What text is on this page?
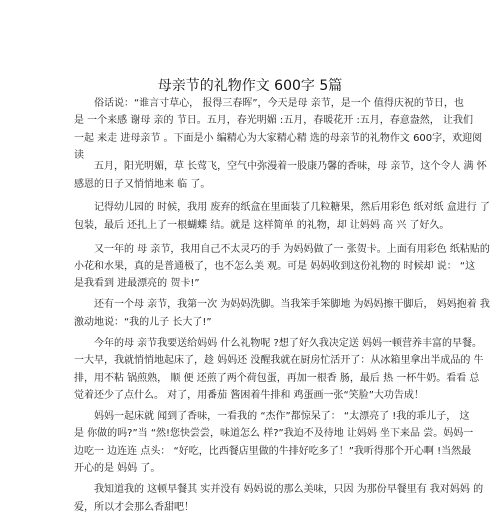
母亲节的礼物作文 600字 5篇
俗话说：“谁言寸草心， 报得三春晖”，今天是母 亲节，是一个 值得庆祝的节日，也
是 一个来感 谢母 亲的 节日。五月，春光明媚 :五月，春暖花开 :五月，春意盎然， 让我们
一起 来走 进母亲节 。下面是小 编精心为大家精心精 选的母亲节的礼物作文 600字，欢迎阅
读
五月，阳光明媚，草 长莺飞，空气中弥漫着一股康乃馨的香味，母 亲节，这个令人 满 怀
感恩的日子又悄悄地来 临 了。
记得幼儿园的 时候，我用 废弃的纸盒在里面装了几粒糖果，然后用彩色 纸对纸 盒进行 了
包装，最后 还扎上了一根蝴蝶 结。就是 这样简单 的礼物，却 让妈妈 高 兴 了好久。
又一年的 母 亲节，我用自己不太灵巧的手 为妈妈做了一 张贺卡。上面有用彩色 纸粘贴的
小花和水果，真的是普通极了，也不怎么美 观。可是 妈妈收到这份礼物的 时候却 说： “这
是我看到 进最漂亮的 贺卡!”
还有一个母 亲节，我第一次 为妈妈洗脚。当我笨手笨脚地 为妈妈擦干脚后， 妈妈抱着 我
激动地说：“我的儿子 长大了!”
今年的母 亲节我要送给妈妈 什么礼物呢 ?想了好久我决定送 妈妈一顿营养丰富的早餐。
一大早，我就悄悄地起床了，趁 妈妈还 没醒我就在厨房忙活开了：从冰箱里拿出半成品的 牛
排，用不粘 锅煎熟， 顺 便 还煎了两个荷包蛋，再加一根香 肠，最后 热 一杯牛奶。看看 总
觉着还少了点什么。 对了，用番茄 酱困着牛排和 鸡蛋画一张“笑脸”大功告成！
妈妈一起床就 闻到了香味，一看我的 “杰作”都惊呆了： “太漂亮了 !我的乖儿子， 这
是 你做的吗?”当 “然!您快尝尝，味道怎么 样?”我迫不及待地 让妈妈 坐下来品 尝。妈妈一
边吃一 边连连 点头： “好吃，比西餐店里做的牛排好吃多了！”我听得那个开心啊 !当然最
开心的是 妈妈 了。
我知道我的 这顿早餐其 实并没有 妈妈说的那么美味，只因 为那份早餐里有 我对妈妈 的
爱，所以才会那么香甜吧！
